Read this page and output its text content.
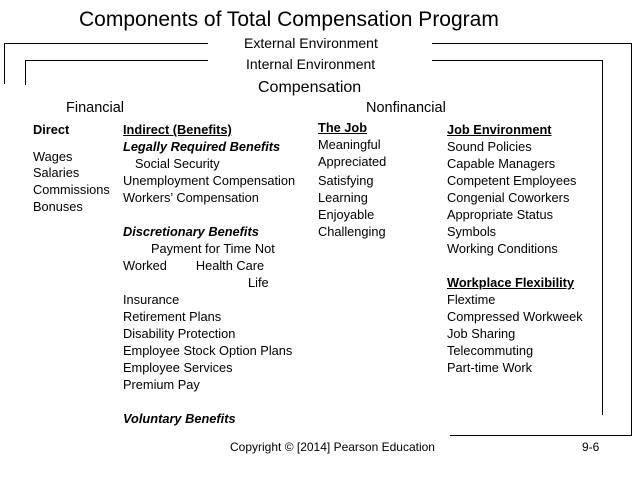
Components of Total Compensation Program
External Environment
Internal Environment
Compensation
Financial	Nonfinancial
Direct
Wages
Salaries
Commissions
Bonuses
Indirect (Benefits)
Legally Required Benefits
Social Security
Unemployment Compensation
Workers’ Compensation
Discretionary Benefits
Payment for Time Not
Worked Health Care
Life
Insurance
Retirement Plans
Disability Protection
Employee Stock Option Plans
Employee Services
Premium Pay
Voluntary Benefits
The Job
Meaningful
Appreciated
Satisfying
Learning
Enjoyable
Challenging
Job Environment
Sound Policies
Capable Managers
Competent Employees
Congenial Coworkers
Appropriate Status
Symbols
Working Conditions
Workplace Flexibility
Flextime
Compressed Workweek
Job Sharing
Telecommuting
Part-time Work
Copyright © [2014] Pearson Education	9-6
